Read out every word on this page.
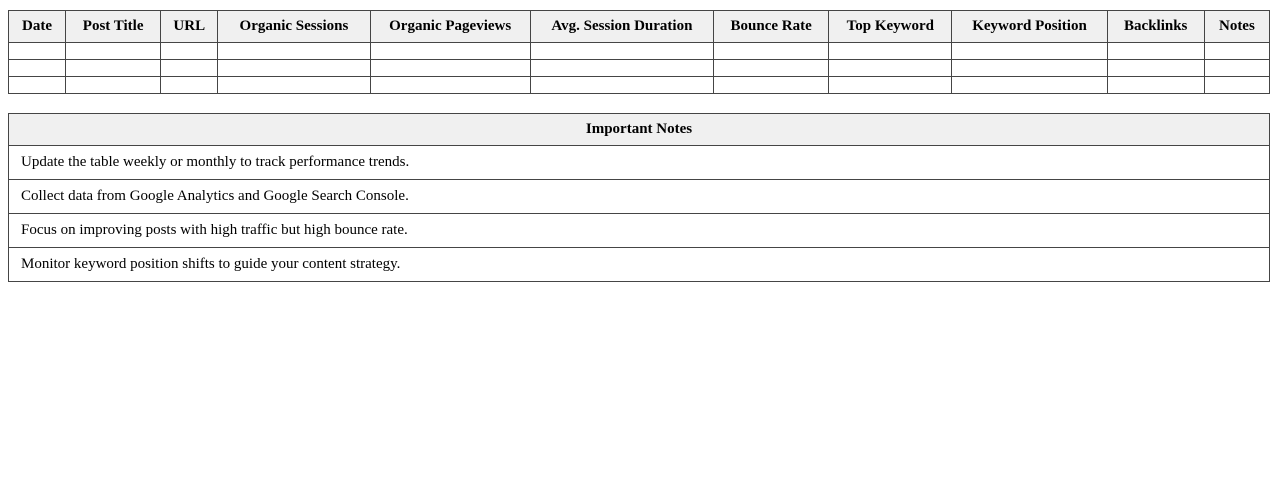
Date	Post Title	URL	Organic Sessions	Organic Pageviews	Avg. Session Duration	Bounce Rate	Top Keyword	Keyword Position	Backlinks	Notes

Important Notes
Update the table weekly or monthly to track performance trends.
Collect data from Google Analytics and Google Search Console.
Focus on improving posts with high traffic but high bounce rate.
Monitor keyword position shifts to guide your content strategy.
